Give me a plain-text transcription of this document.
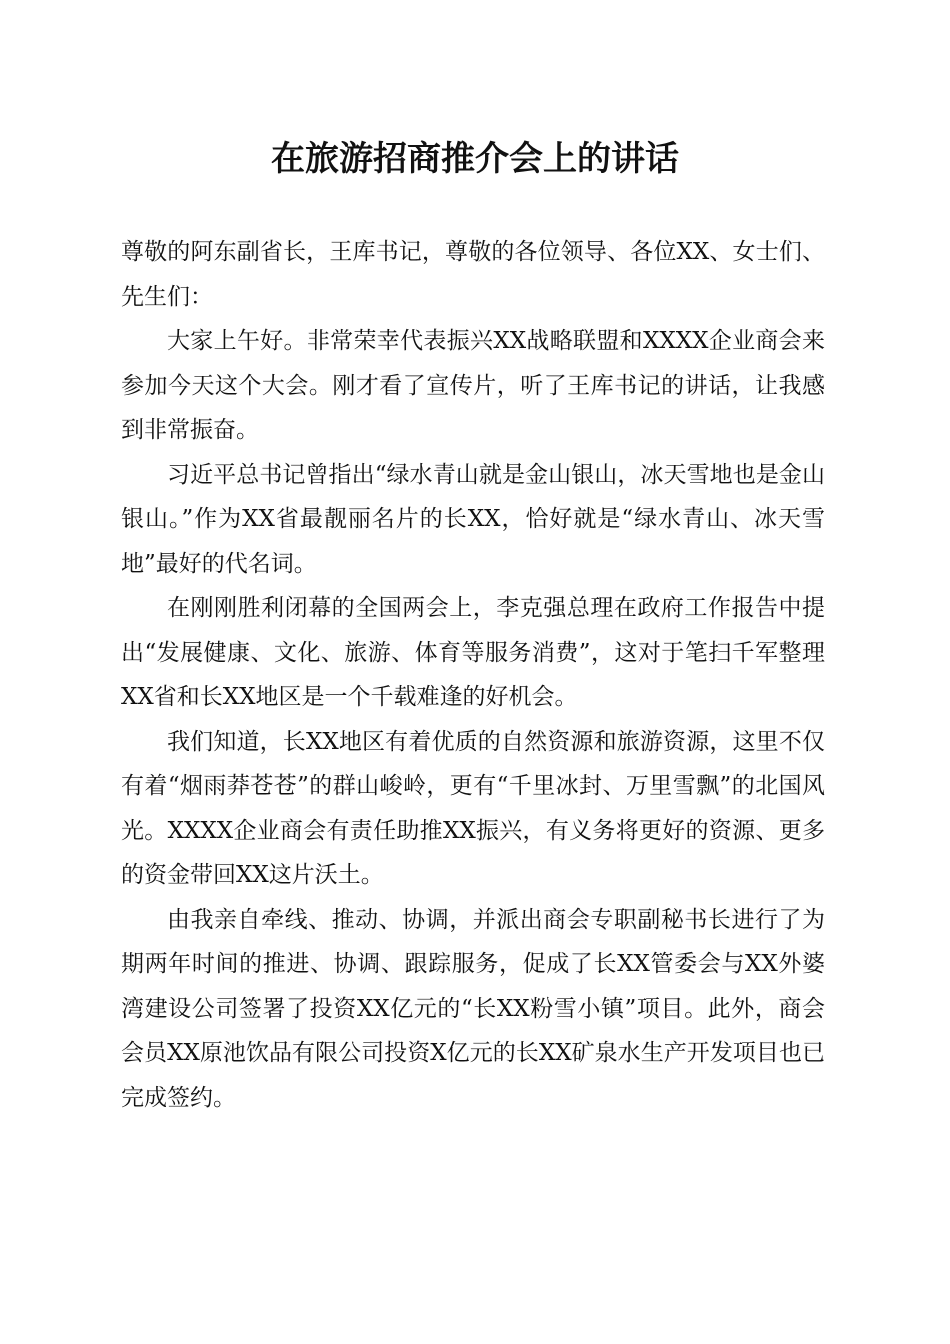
在旅游招商推介会上的讲话

尊敬的阿东副省长，王库书记，尊敬的各位领导、各位XX、女士们、先生们：

大家上午好。非常荣幸代表振兴XX战略联盟和XXXX企业商会来参加今天这个大会。刚才看了宣传片，听了王库书记的讲话，让我感到非常振奋。

习近平总书记曾指出“绿水青山就是金山银山，冰天雪地也是金山银山。”作为XX省最靓丽名片的长XX，恰好就是“绿水青山、冰天雪地”最好的代名词。

在刚刚胜利闭幕的全国两会上，李克强总理在政府工作报告中提出“发展健康、文化、旅游、体育等服务消费”，这对于笔扫千军整理XX省和长XX地区是一个千载难逢的好机会。

我们知道，长XX地区有着优质的自然资源和旅游资源，这里不仅有着“烟雨莽苍苍”的群山峻岭，更有“千里冰封、万里雪飘”的北国风光。XXXX企业商会有责任助推XX振兴，有义务将更好的资源、更多的资金带回XX这片沃土。

由我亲自牵线、推动、协调，并派出商会专职副秘书长进行了为期两年时间的推进、协调、跟踪服务，促成了长XX管委会与XX外婆湾建设公司签署了投资XX亿元的“长XX粉雪小镇”项目。此外，商会会员XX原池饮品有限公司投资X亿元的长XX矿泉水生产开发项目也已完成签约。
